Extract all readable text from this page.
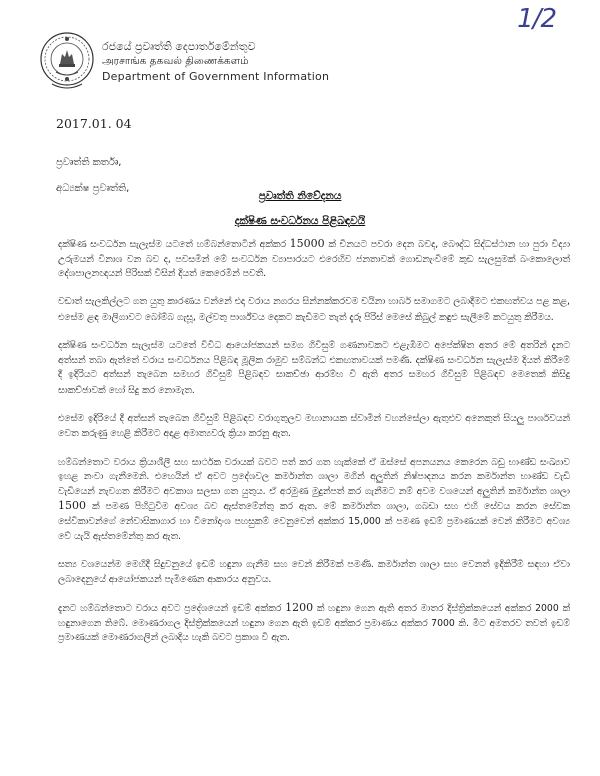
1/2
රජයේ ප්‍රවෘත්ති දෙපාර්තමේන්තුව
அரசாங்க தகவல் திணைக்களம்
Department of Government Information
2017.01. 04
ප්‍රවෘත්ති කර්තෘ,
අධ්‍යක්ෂ ප්‍රවෘත්ති,
ප්‍රවෘත්ති නිවේදනය
දක්ෂිණ සංවර්ධනය පිළිබඳවයි

දක්ෂිණ සංවර්ධන සැලැස්ම යටතේ හම්බන්තොටින් අක්කර 15000 ක් චීනයට පවරා දෙන බවද, බෞද්ධ සිද්ධස්ථාන හා පුරා විද්‍යා උරුමයන් විනාශ වන බව ද, පවසමින් මේ සංවර්ධන ව්‍යාපාරයට එරෙහිව ජනතාවක් ගොඩනැංවීමේ කුඩ සැලසුමක් බංකොලොත් දේශපාලනඥයන් පිරිසක් විසින් දියත් කෙරෙමින් පවතී.

වඩාත් සැලකිල්ලට ගත යුතු කාරණය වන්නේ එදා වරාය නගරය සින්නක්කරවම චයිනා හාබර් සමාගමට ලබාදීමට එකඟත්වය පළ කළ, එසේම ළඳ මාලිගාවට බෝම්බ ගැසූ, මල්වතු පාර්ශ්වය දෙකට කැඩීමට තැත් දැරූ පිරිස් මෙසේ කිබුල් කඳුළු සැලීමේ කටයුතු කිරීමය.

දක්ෂිණ සංවර්ධන සැලැස්ම යටතේ විවිධ ආයෝජකයන් සමග ගිවිසුම් ගණනාවකට එළැඹීමට අපේක්ෂිත අතර මේ අතරින් දැනට අත්සන් තබා ඇත්තේ වරාය සංවර්ධනය පිළිබඳ මූලික රාමුව සම්බන්ධ එකඟතාවයක් පමණි. දක්ෂිණ සංවර්ධන සැලැස්ම දියත් කිරීමේ දී ඉදිරියට අත්සන් තැබෙන සමහර ගිවිසුම් පිළිබඳව සාකච්ඡා ආරම්භ වී ඇති අතර සමහර ගිවිසුම් පිළිබඳව මෙතෙක් කිසිදු සාකච්ඡාවක් හෝ සිදු කර නොමැත.

එසේම ඉදිරියේ දී අත්සන් තැබෙන ගිවිසුම් පිළිබඳව වරාගුතුලව මහානායක ස්වාමීන් වහන්සේලා ඇතුළුව අනෙකුත් සියලු පාර්ශවයන් වෙත කරුණු හෙළි කිරීමට අදාළ අමාත්‍යවරු ක්‍රියා කරනු ඇත.

හම්බන්තොට වරාය ක්‍රියාශීලී සහ සාර්ථක වරායක් බවට පත් කර ගත හැක්කේ ඒ ඔස්සේ අපනයනය කෙරෙන බඩු භාණ්ඩ සංඛ්‍යාව ඉහළ නංවා ගැනීමෙනි. එහෙයින් ඒ අවට ප්‍රදේශවල කර්මාන්ත ශාලා මගින් අලුතින් නිෂ්පාදනය කරන කර්මාන්ත භාණ්ඩ වැඩි වැඩියෙන් නැවගත කිරීමට අවකාශ සලසා ගත යුතුය. ඒ අරමුණ මුදුන්පත් කර ගැනීමට නම් අවම වශයෙන් අලුතින් කර්මාන්ත ශාලා 1500 ක් පමණ පිහිටුවීම අවශ්‍ය බව ඇස්තමේන්තු කර ඇත. මේ කර්මාන්ත ශාලා, ගබඩා සහ එහි සේවය කරන සේවක සේවිකාවන්ගේ නේවාසිකාගාර හා විනෝදාංශ පහසුකම් වෙනුවෙන් අක්කර 15,000 ක් පමණ ඉඩම් ප්‍රමාණයක් වෙන් කිරීමට අවශ්‍ය වේ යැයි ඇස්තමේන්තු කර ඇත.

සත්‍ය වශයෙන්ම මෙහිදී සිදුවනුයේ ඉඩම් හඳුනා ගැනීම සහ වෙන් කිරීමක් පමණි. කර්මාන්ත ශාලා සහ වෙනත් ඉදිකිරීම් සඳහා ඒවා ලබාදෙනුයේ ආයෝජකයන් පැමිණෙන ආකාරය අනුවය.

දැනට හම්බන්තොට වරාය අවට ප්‍රදේශයෙන් ඉඩම් අක්කර 1200 ක් හඳුනා ගෙන ඇති අතර මාතර දිස්ත්‍රික්කයෙන් අක්කර 2000 ක් හඳුනාගෙන තිබේ. මොණරාගල දිස්ත්‍රික්කයෙන් හඳුනා ගෙන ඇති ඉඩම් අක්කර ප්‍රමාණය අක්කර 7000 කි. මීට අමතරව තවත් ඉඩම් ප්‍රමාණයක් මොණරාගලින් ලබාදිය හැකි බවට ප්‍රකාශ වී ඇත.
